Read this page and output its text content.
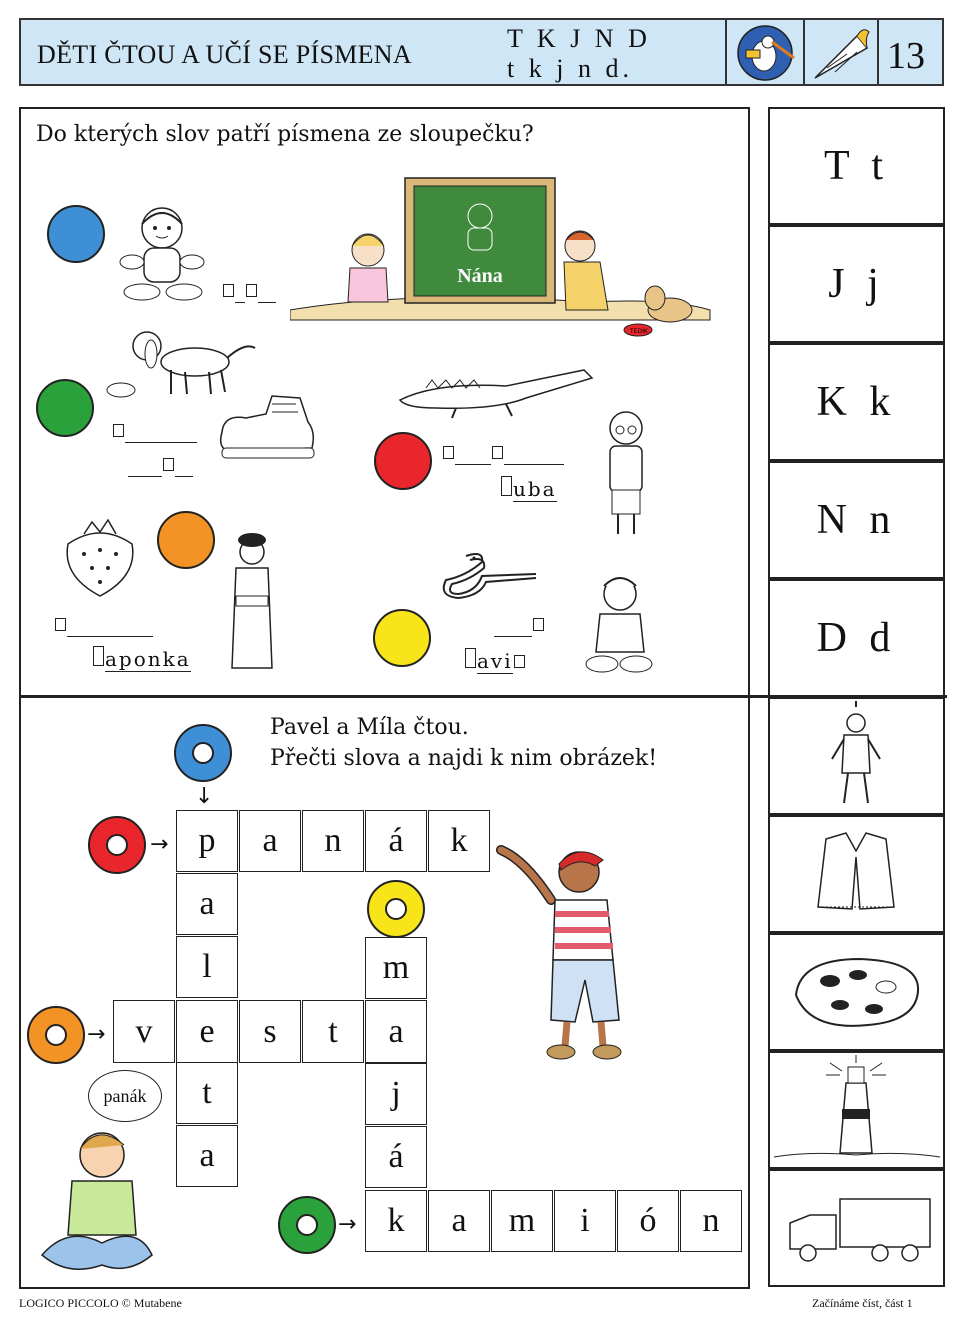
DĚTI ČTOU A UČÍ SE PÍSMENA
T K J N D
t k j n d.	13
Do kterých slov patří písmena ze sloupečku?

Nána
TEDÍK

uba

aponka
	avi
T t
J j
K k
N n
D d
Pavel a Míla čtou.
Přečti slova a najdi k nim obrázek!
↓
→
→
→
p	a	n	á	k
a
l
t
a
v	e	s	t	a
m
j
á
k	a	m	i	ó	n
panák
LOGICO PICCOLO © Mutabene	Začínáme číst, část 1
